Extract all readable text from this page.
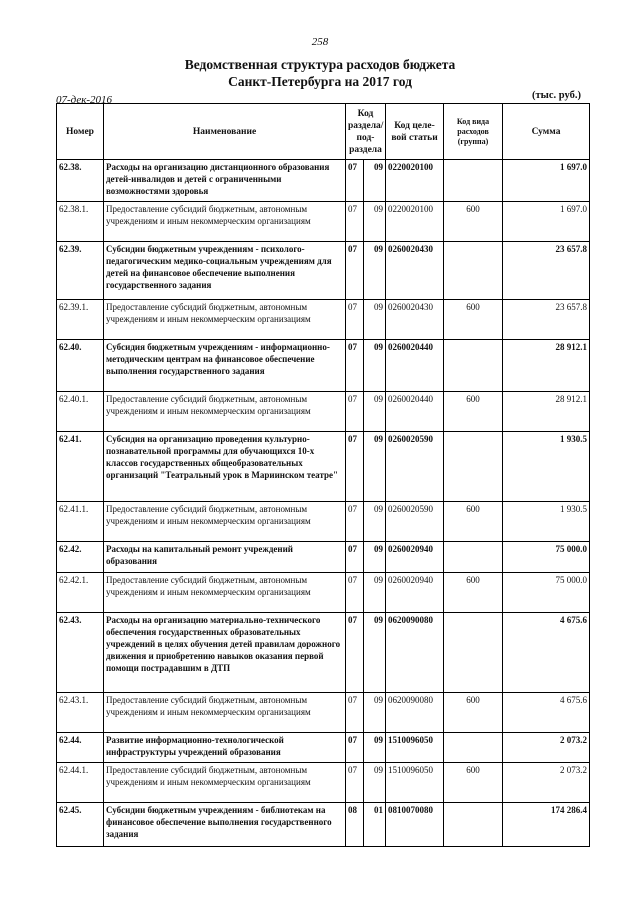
258
Ведомственная структура расходов бюджета
Санкт-Петербурга на 2017 год
07-дек-2016	(тыс. руб.)
Номер	Наименование	Код раздела/ под- раздела		Код целе- вой статьи	Код вида расходов (группа)	Сумма
62.38.	Расходы на организацию дистанционного образования детей-инвалидов и детей с ограниченными возможностями здоровья	07	09	0220020100		1 697.0
62.38.1.	Предоставление субсидий бюджетным, автономным учреждениям и иным некоммерческим организациям	07	09	0220020100	600	1 697.0
62.39.	Субсидии бюджетным учреждениям - психолого-педагогическим медико-социальным учреждениям для детей на финансовое обеспечение выполнения государственного задания	07	09	0260020430		23 657.8
62.39.1.	Предоставление субсидий бюджетным, автономным учреждениям и иным некоммерческим организациям	07	09	0260020430	600	23 657.8
62.40.	Субсидия бюджетным учреждениям - информационно-методическим центрам на финансовое обеспечение выполнения государственного задания	07	09	0260020440		28 912.1
62.40.1.	Предоставление субсидий бюджетным, автономным учреждениям и иным некоммерческим организациям	07	09	0260020440	600	28 912.1
62.41.	Субсидия на организацию проведения культурно-познавательной программы для обучающихся 10-х классов государственных общеобразовательных организаций "Театральный урок в Мариинском театре"	07	09	0260020590		1 930.5
62.41.1.	Предоставление субсидий бюджетным, автономным учреждениям и иным некоммерческим организациям	07	09	0260020590	600	1 930.5
62.42.	Расходы на капитальный ремонт учреждений образования	07	09	0260020940		75 000.0
62.42.1.	Предоставление субсидий бюджетным, автономным учреждениям и иным некоммерческим организациям	07	09	0260020940	600	75 000.0
62.43.	Расходы на организацию материально-технического обеспечения государственных образовательных учреждений в целях обучения детей правилам дорожного движения и приобретению навыков оказания первой помощи пострадавшим в ДТП	07	09	0620090080		4 675.6
62.43.1.	Предоставление субсидий бюджетным, автономным учреждениям и иным некоммерческим организациям	07	09	0620090080	600	4 675.6
62.44.	Развитие информационно-технологической инфраструктуры учреждений образования	07	09	1510096050		2 073.2
62.44.1.	Предоставление субсидий бюджетным, автономным учреждениям и иным некоммерческим организациям	07	09	1510096050	600	2 073.2
62.45.	Субсидии бюджетным учреждениям - библиотекам на финансовое обеспечение выполнения государственного задания	08	01	0810070080		174 286.4
